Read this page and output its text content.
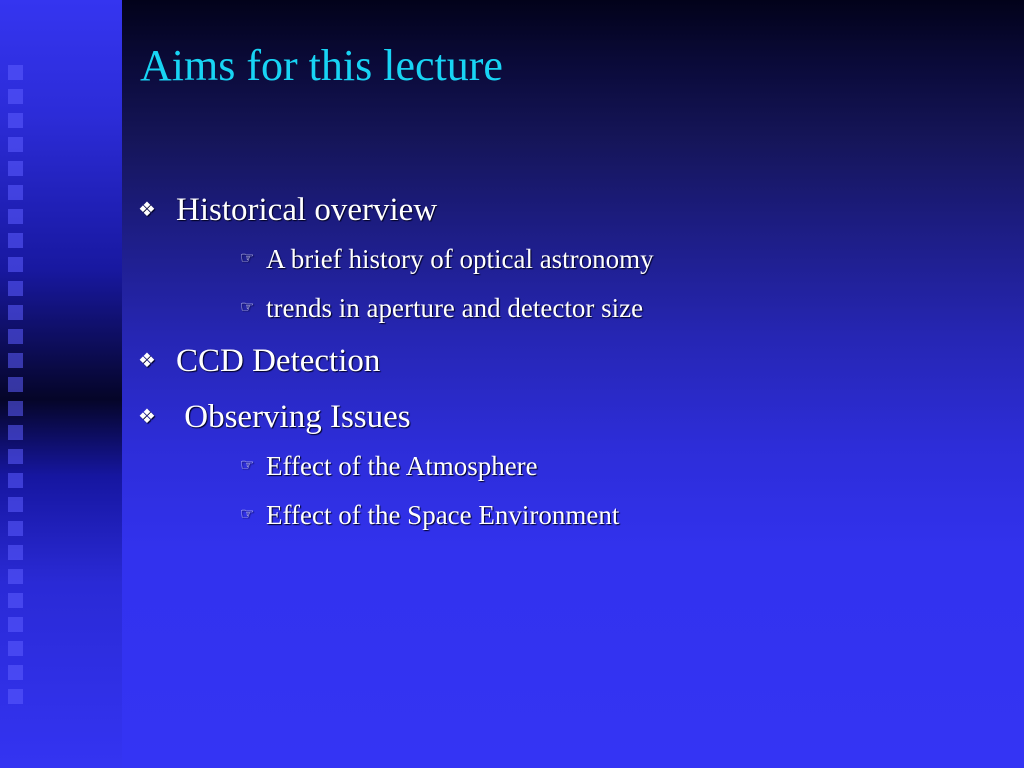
Aims for this lecture
❖ Historical overview
☞ A brief history of optical astronomy
☞ trends in aperture and detector size
❖ CCD Detection
❖ Observing Issues
☞ Effect of the Atmosphere
☞ Effect of the Space Environment
